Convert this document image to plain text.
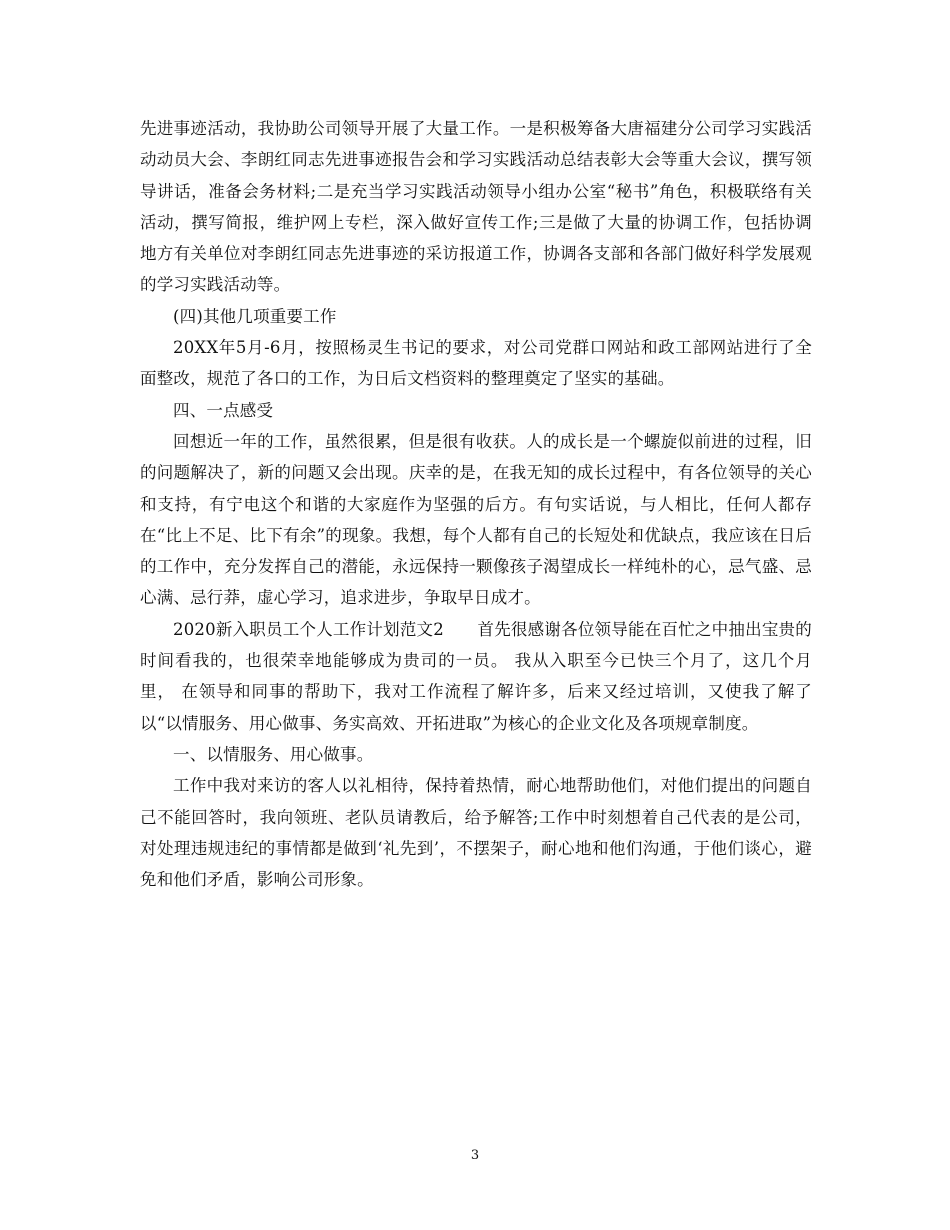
先进事迹活动，我协助公司领导开展了大量工作。一是积极筹备大唐福建分公司学习实践活动动员大会、李朗红同志先进事迹报告会和学习实践活动总结表彰大会等重大会议，撰写领导讲话，准备会务材料;二是充当学习实践活动领导小组办公室“秘书”角色，积极联络有关活动，撰写简报，维护网上专栏，深入做好宣传工作;三是做了大量的协调工作，包括协调地方有关单位对李朗红同志先进事迹的采访报道工作，协调各支部和各部门做好科学发展观的学习实践活动等。

(四)其他几项重要工作

20XX年5月-6月，按照杨灵生书记的要求，对公司党群口网站和政工部网站进行了全面整改，规范了各口的工作，为日后文档资料的整理奠定了坚实的基础。

四、一点感受

回想近一年的工作，虽然很累，但是很有收获。人的成长是一个螺旋似前进的过程，旧的问题解决了，新的问题又会出现。庆幸的是，在我无知的成长过程中，有各位领导的关心和支持，有宁电这个和谐的大家庭作为坚强的后方。有句实话说，与人相比，任何人都存在“比上不足、比下有余”的现象。我想，每个人都有自己的长短处和优缺点，我应该在日后的工作中，充分发挥自己的潜能，永远保持一颗像孩子渴望成长一样纯朴的心，忌气盛、忌心满、忌行莽，虚心学习，追求进步，争取早日成才。

2020新入职员工个人工作计划范文2　　首先很感谢各位领导能在百忙之中抽出宝贵的时间看我的，也很荣幸地能够成为贵司的一员。 我从入职至今已快三个月了，这几个月里， 在领导和同事的帮助下，我对工作流程了解许多，后来又经过培训，又使我了解了以“以情服务、用心做事、务实高效、开拓进取”为核心的企业文化及各项规章制度。

一、以情服务、用心做事。

工作中我对来访的客人以礼相待，保持着热情，耐心地帮助他们，对他们提出的问题自己不能回答时，我向领班、老队员请教后，给予解答;工作中时刻想着自己代表的是公司，对处理违规违纪的事情都是做到‘礼先到’，不摆架子，耐心地和他们沟通，于他们谈心，避免和他们矛盾，影响公司形象。

3
